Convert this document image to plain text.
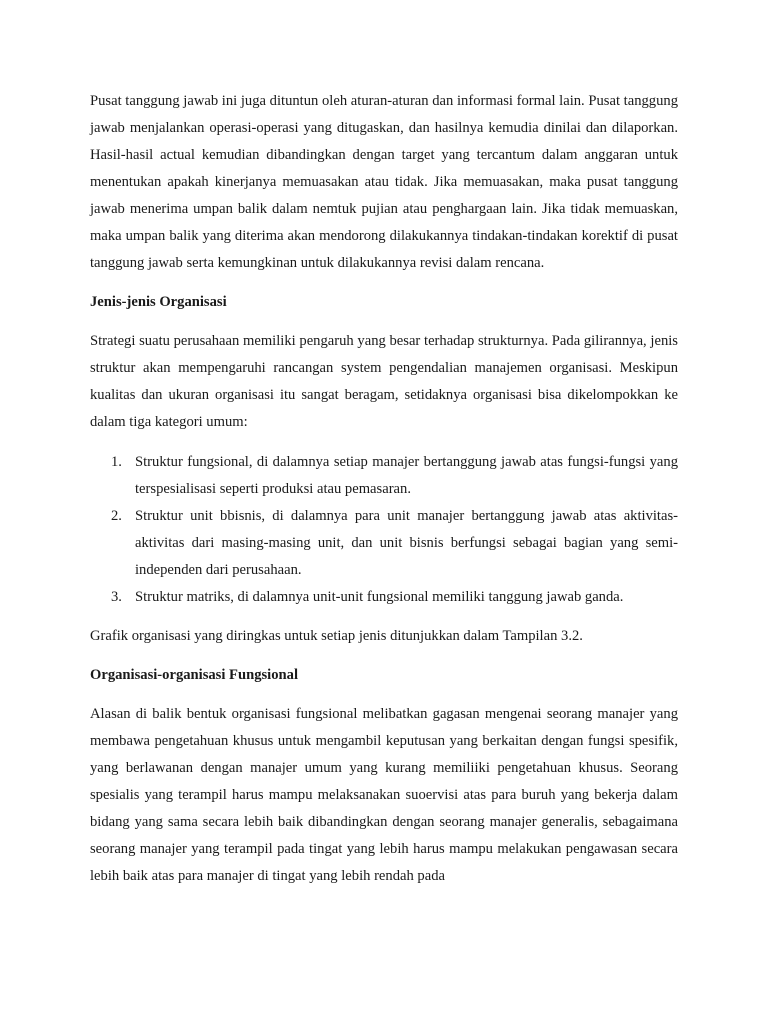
Pusat tanggung jawab ini juga dituntun oleh aturan-aturan dan informasi formal lain. Pusat tanggung jawab menjalankan operasi-operasi yang ditugaskan, dan hasilnya kemudia dinilai dan dilaporkan. Hasil-hasil actual kemudian dibandingkan dengan target yang tercantum dalam anggaran untuk menentukan apakah kinerjanya memuasakan atau tidak. Jika memuasakan, maka pusat tanggung jawab menerima umpan balik dalam nemtuk pujian atau penghargaan lain. Jika tidak memuaskan, maka umpan balik yang diterima akan mendorong dilakukannya tindakan-tindakan korektif di pusat tanggung jawab serta kemungkinan untuk dilakukannya revisi dalam rencana.

Jenis-jenis Organisasi

Strategi suatu perusahaan memiliki pengaruh yang besar terhadap strukturnya. Pada gilirannya, jenis struktur akan mempengaruhi rancangan system pengendalian manajemen organisasi. Meskipun kualitas dan ukuran organisasi itu sangat beragam, setidaknya organisasi bisa dikelompokkan ke dalam tiga kategori umum:

1. Struktur fungsional, di dalamnya setiap manajer bertanggung jawab atas fungsi-fungsi yang terspesialisasi seperti produksi atau pemasaran.
2. Struktur unit bbisnis, di dalamnya para unit manajer bertanggung jawab atas aktivitas-aktivitas dari masing-masing unit, dan unit bisnis berfungsi sebagai bagian yang semi-independen dari perusahaan.
3. Struktur matriks, di dalamnya unit-unit fungsional memiliki tanggung jawab ganda.

Grafik organisasi yang diringkas untuk setiap jenis ditunjukkan dalam Tampilan 3.2.

Organisasi-organisasi Fungsional

Alasan di balik bentuk organisasi fungsional melibatkan gagasan mengenai seorang manajer yang membawa pengetahuan khusus untuk mengambil keputusan yang berkaitan dengan fungsi spesifik, yang berlawanan dengan manajer umum yang kurang memiliiki pengetahuan khusus. Seorang spesialis yang terampil harus mampu melaksanakan suoervisi atas para buruh yang bekerja dalam bidang yang sama secara lebih baik dibandingkan dengan seorang manajer generalis, sebagaimana seorang manajer yang terampil pada tingat yang lebih harus mampu melakukan pengawasan secara lebih baik atas para manajer di tingat yang lebih rendah pada
